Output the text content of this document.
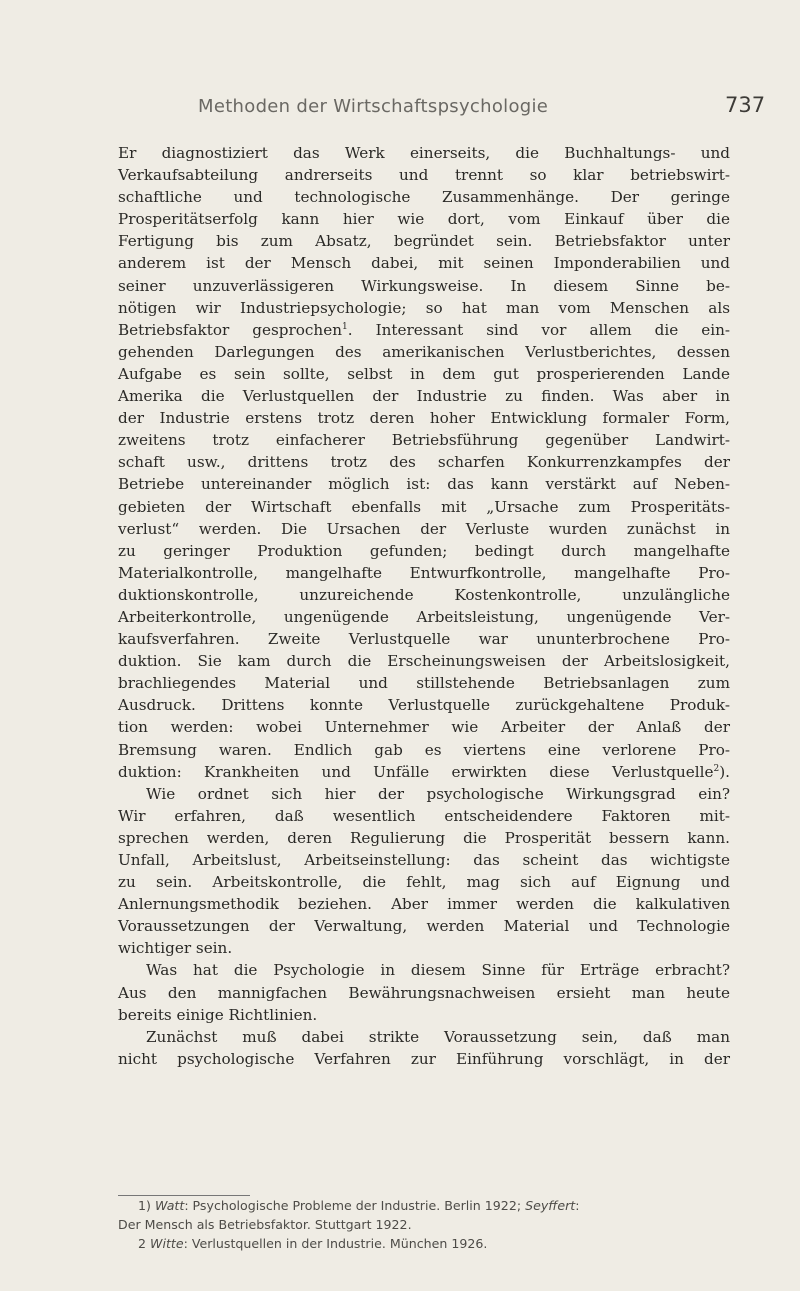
Methoden der Wirtschaftspsychologie	737

Er diagnostiziert das Werk einerseits, die Buchhaltungs- und

Verkaufsabteilung andrerseits und trennt so klar betriebswirt-

schaftliche und technologische Zusammenhänge. Der geringe

Prosperitätserfolg kann hier wie dort, vom Einkauf über die

Fertigung bis zum Absatz, begründet sein. Betriebsfaktor unter

anderem ist der Mensch dabei, mit seinen Imponderabilien und

seiner unzuverlässigeren Wirkungsweise. In diesem Sinne be-

nötigen wir Industriepsychologie; so hat man vom Menschen als

Betriebsfaktor gesprochen$^1$. Interessant sind vor allem die ein-

gehenden Darlegungen des amerikanischen Verlustberichtes, dessen

Aufgabe es sein sollte, selbst in dem gut prosperierenden Lande

Amerika die Verlustquellen der Industrie zu finden. Was aber in

der Industrie erstens trotz deren hoher Entwicklung formaler Form,

zweitens trotz einfacherer Betriebsführung gegenüber Landwirt-

schaft usw., drittens trotz des scharfen Konkurrenzkampfes der

Betriebe untereinander möglich ist: das kann verstärkt auf Neben-

gebieten der Wirtschaft ebenfalls mit „Ursache zum Prosperitäts-

verlust“ werden. Die Ursachen der Verluste wurden zunächst in

zu geringer Produktion gefunden; bedingt durch mangelhafte

Materialkontrolle, mangelhafte Entwurfkontrolle, mangelhafte Pro-

duktionskontrolle, unzureichende Kostenkontrolle, unzulängliche

Arbeiterkontrolle, ungenügende Arbeitsleistung, ungenügende Ver-

kaufsverfahren. Zweite Verlustquelle war ununterbrochene Pro-

duktion. Sie kam durch die Erscheinungsweisen der Arbeitslosigkeit,

brachliegendes Material und stillstehende Betriebsanlagen zum

Ausdruck. Drittens konnte Verlustquelle zurückgehaltene Produk-

tion werden: wobei Unternehmer wie Arbeiter der Anlaß der

Bremsung waren. Endlich gab es viertens eine verlorene Pro-

duktion: Krankheiten und Unfälle erwirkten diese Verlustquelle$^2$).

Wie ordnet sich hier der psychologische Wirkungsgrad ein?

Wir erfahren, daß wesentlich entscheidendere Faktoren mit-

sprechen werden, deren Regulierung die Prosperität bessern kann.

Unfall, Arbeitslust, Arbeitseinstellung: das scheint das wichtigste

zu sein. Arbeitskontrolle, die fehlt, mag sich auf Eignung und

Anlernungsmethodik beziehen. Aber immer werden die kalkulativen

Voraussetzungen der Verwaltung, werden Material und Technologie

wichtiger sein.

Was hat die Psychologie in diesem Sinne für Erträge erbracht?

Aus den mannigfachen Bewährungsnachweisen ersieht man heute

bereits einige Richtlinien.

Zunächst muß dabei strikte Voraussetzung sein, daß man

nicht psychologische Verfahren zur Einführung vorschlägt, in der

1) Watt: Psychologische Probleme der Industrie. Berlin 1922; Seyffert:

Der Mensch als Betriebsfaktor. Stuttgart 1922.

2 Witte: Verlustquellen in der Industrie. München 1926.
